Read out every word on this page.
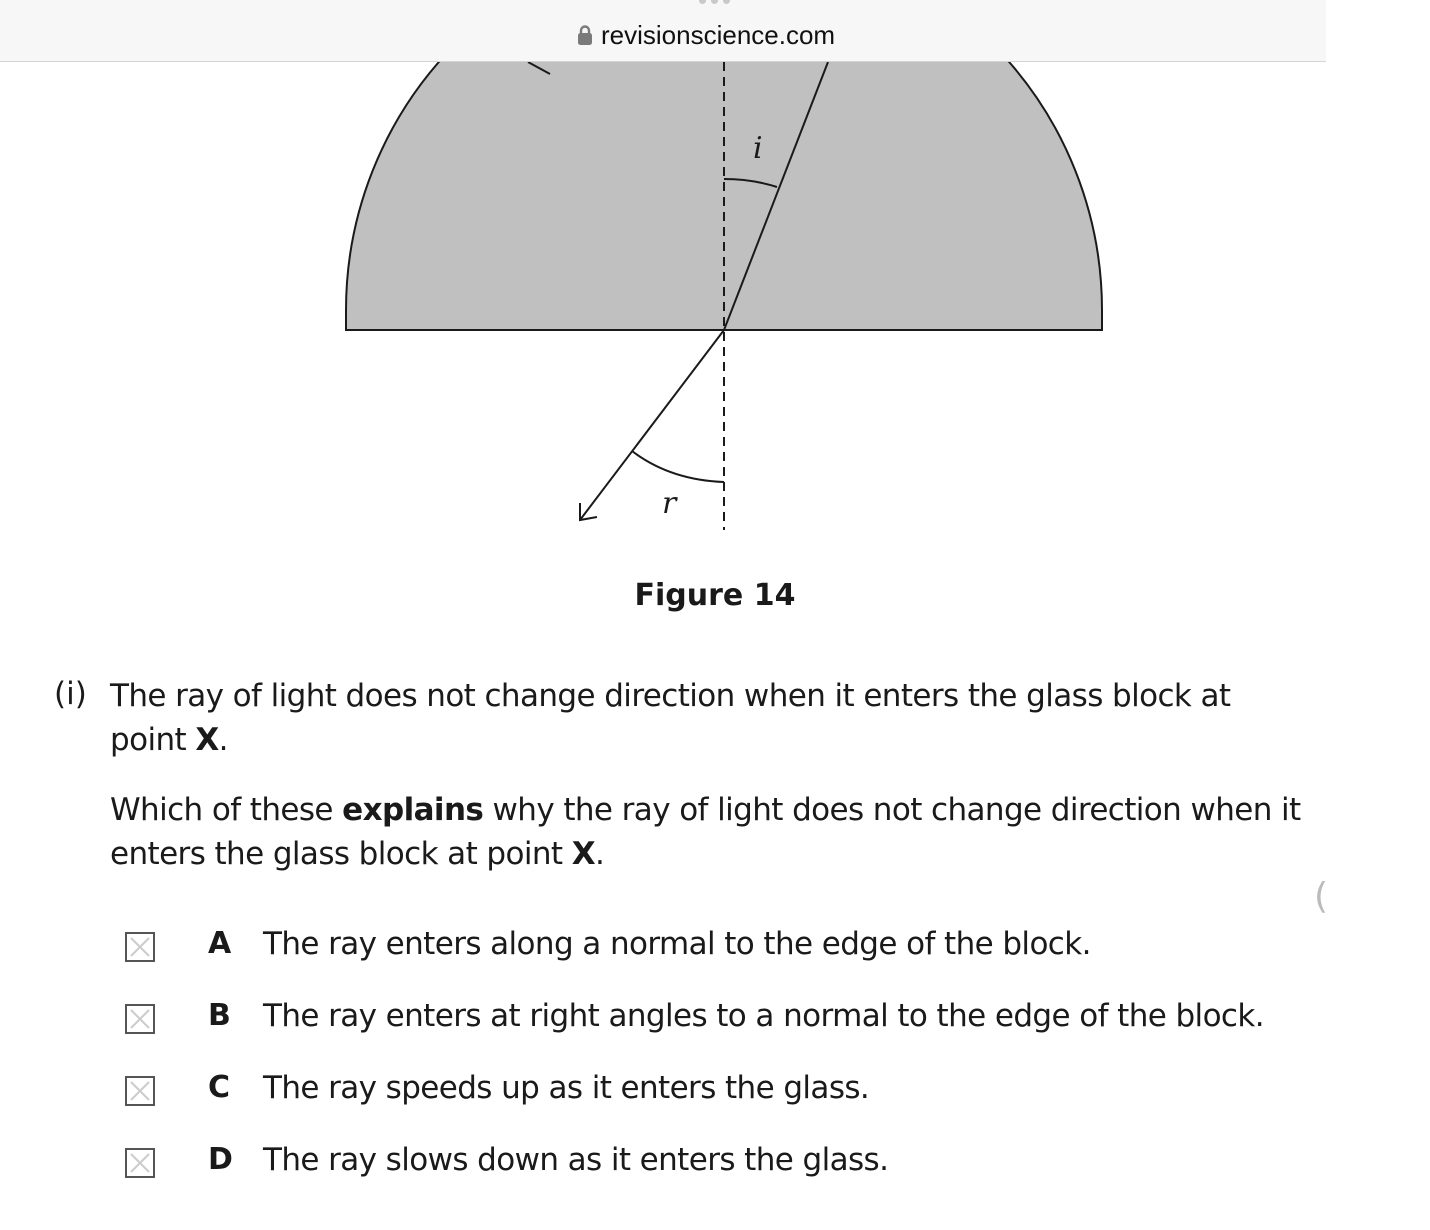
i
r
revisionscience.com
Figure 14
(i) The ray of light does not change direction when it enters the glass block at point X.
Which of these explains why the ray of light does not change direction when it enters the glass block at point X.
A The ray enters along a normal to the edge of the block.
B The ray enters at right angles to a normal to the edge of the block.
C The ray speeds up as it enters the glass.
D The ray slows down as it enters the glass.
(
